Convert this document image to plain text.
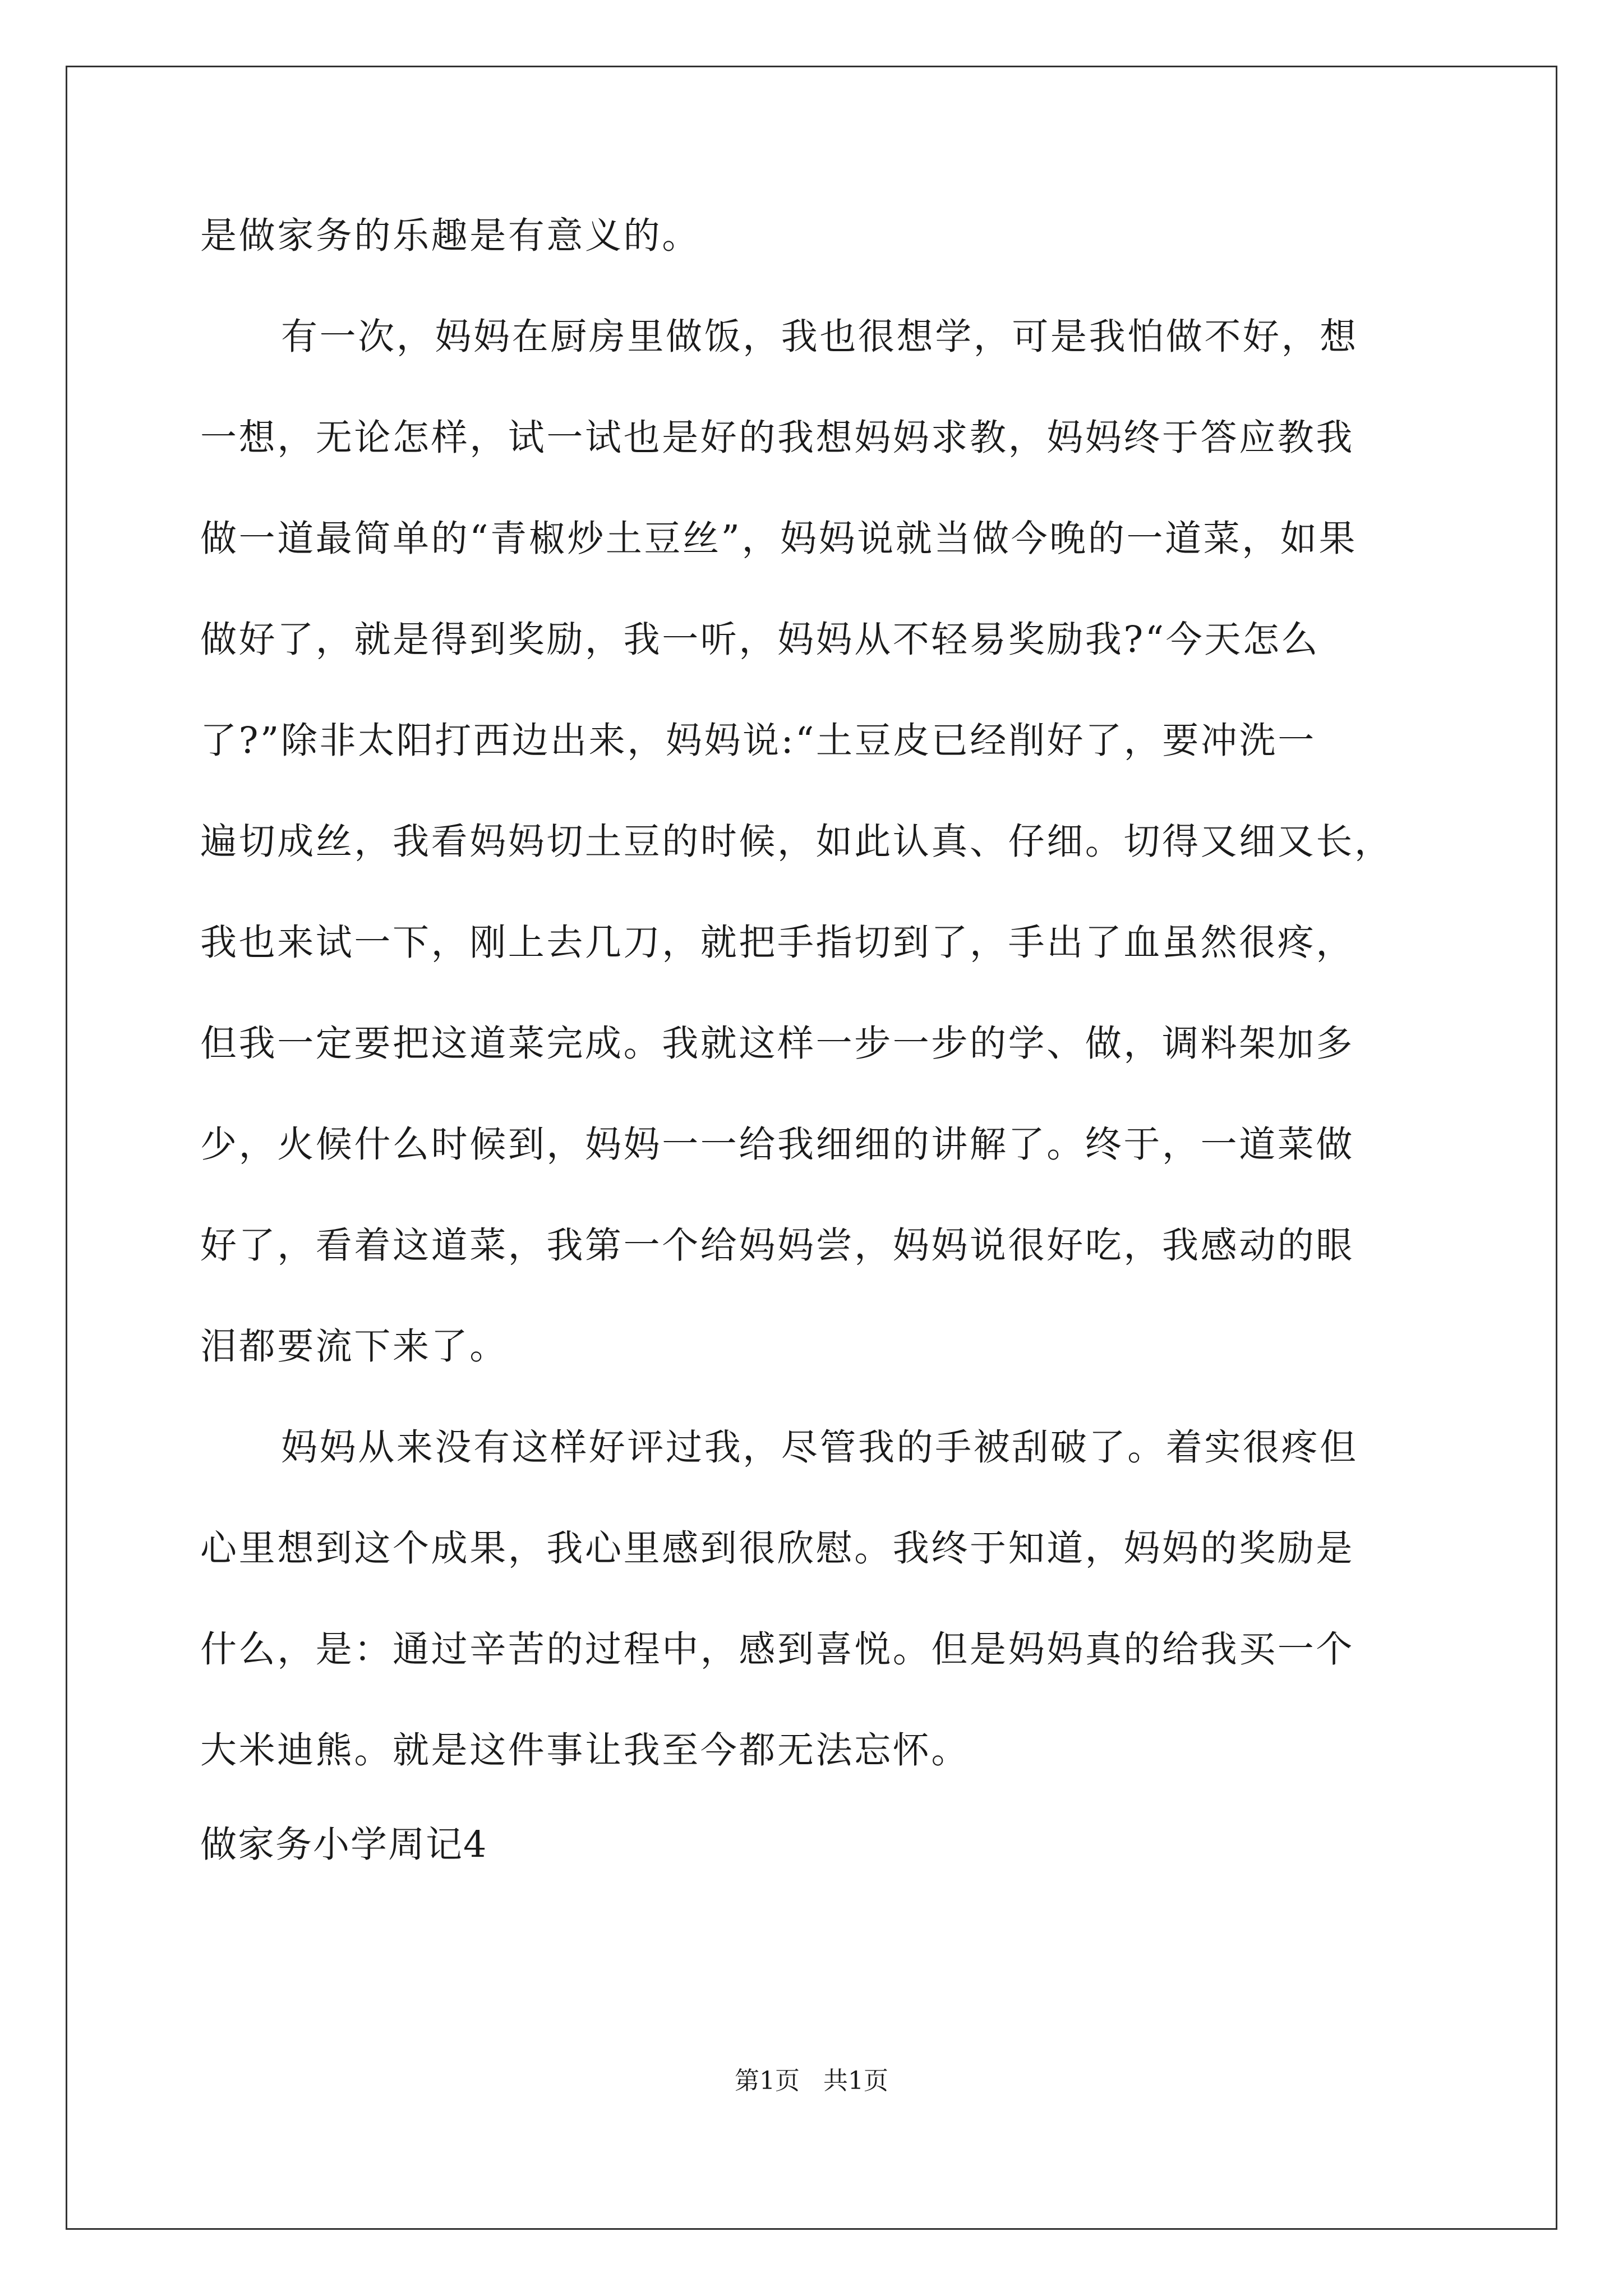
是做家务的乐趣是有意义的。
有一次，妈妈在厨房里做饭，我也很想学，可是我怕做不好，想
一想，无论怎样，试一试也是好的我想妈妈求教，妈妈终于答应教我
做一道最简单的“青椒炒土豆丝”，妈妈说就当做今晚的一道菜，如果
做好了，就是得到奖励，我一听，妈妈从不轻易奖励我?“今天怎么
了?”除非太阳打西边出来，妈妈说:“土豆皮已经削好了，要冲洗一
遍切成丝，我看妈妈切土豆的时候，如此认真、仔细。切得又细又长，
我也来试一下，刚上去几刀，就把手指切到了，手出了血虽然很疼，
但我一定要把这道菜完成。我就这样一步一步的学、做，调料架加多
少，火候什么时候到，妈妈一一给我细细的讲解了。终于，一道菜做
好了，看着这道菜，我第一个给妈妈尝，妈妈说很好吃，我感动的眼
泪都要流下来了。
妈妈从来没有这样好评过我，尽管我的手被刮破了。着实很疼但
心里想到这个成果，我心里感到很欣慰。我终于知道，妈妈的奖励是
什么，是：通过辛苦的过程中，感到喜悦。但是妈妈真的给我买一个
大米迪熊。就是这件事让我至今都无法忘怀。
做家务小学周记4
第1页   共1页
